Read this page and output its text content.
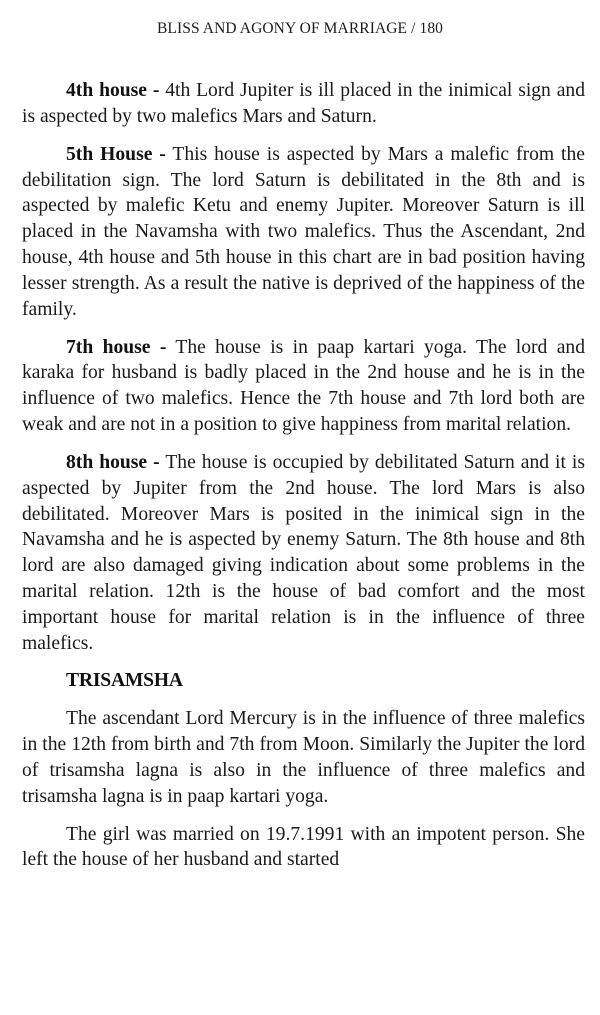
BLISS AND AGONY OF MARRIAGE / 180

4th house - 4th Lord Jupiter is ill placed in the inimical sign and is aspected by two malefics Mars and Saturn.

5th House - This house is aspected by Mars a malefic from the debilitation sign. The lord Saturn is debilitated in the 8th and is aspected by malefic Ketu and enemy Jupiter. Moreover Saturn is ill placed in the Navamsha with two malefics. Thus the Ascendant, 2nd house, 4th house and 5th house in this chart are in bad position having lesser strength. As a result the native is deprived of the happiness of the family.

7th house - The house is in paap kartari yoga. The lord and karaka for husband is badly placed in the 2nd house and he is in the influence of two malefics. Hence the 7th house and 7th lord both are weak and are not in a position to give happiness from marital relation.

8th house - The house is occupied by debilitated Saturn and it is aspected by Jupiter from the 2nd house. The lord Mars is also debilitated. Moreover Mars is posited in the inimical sign in the Navamsha and he is aspected by enemy Saturn. The 8th house and 8th lord are also damaged giving indication about some problems in the marital relation. 12th is the house of bad comfort and the most important house for marital relation is in the influence of three malefics.

TRISAMSHA

The ascendant Lord Mercury is in the influence of three malefics in the 12th from birth and 7th from Moon. Similarly the Jupiter the lord of trisamsha lagna is also in the influence of three malefics and trisamsha lagna is in paap kartari yoga.

The girl was married on 19.7.1991 with an impotent person. She left the house of her husband and started
